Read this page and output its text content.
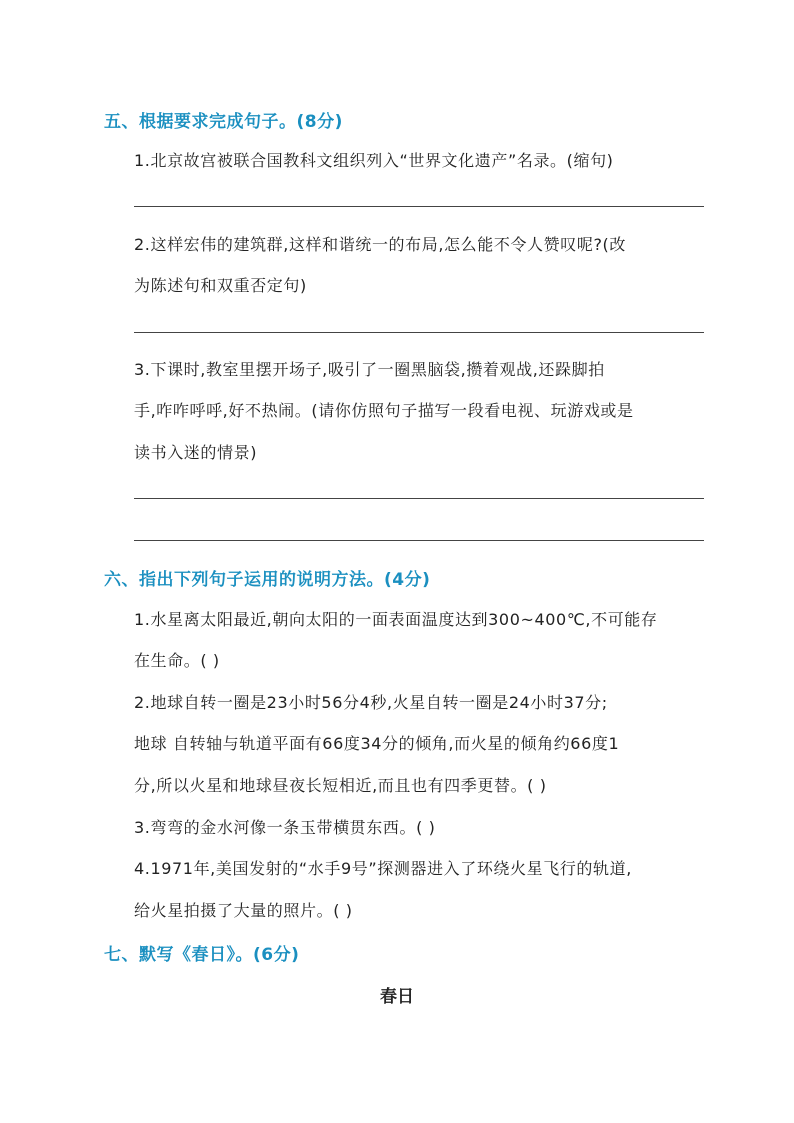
五、根据要求完成句子。(8分)
1.北京故宫被联合国教科文组织列入“世界文化遗产”名录。(缩句)
2.这样宏伟的建筑群,这样和谐统一的布局,怎么能不令人赞叹呢?(改
为陈述句和双重否定句)
3.下课时,教室里摆开场子,吸引了一圈黑脑袋,攒着观战,还跺脚拍
手,咋咋呼呼,好不热闹。(请你仿照句子描写一段看电视、玩游戏或是
读书入迷的情景)
六、指出下列句子运用的说明方法。(4分)
1.水星离太阳最近,朝向太阳的一面表面温度达到300~400℃,不可能存
在生命。( )
2.地球自转一圈是23小时56分4秒,火星自转一圈是24小时37分;
地球 自转轴与轨道平面有66度34分的倾角,而火星的倾角约66度1
分,所以火星和地球昼夜长短相近,而且也有四季更替。( )
3.弯弯的金水河像一条玉带横贯东西。( )
4.1971年,美国发射的“水手9号”探测器进入了环绕火星飞行的轨道,
给火星拍摄了大量的照片。( )
七、默写《春日》。(6分)
春日
